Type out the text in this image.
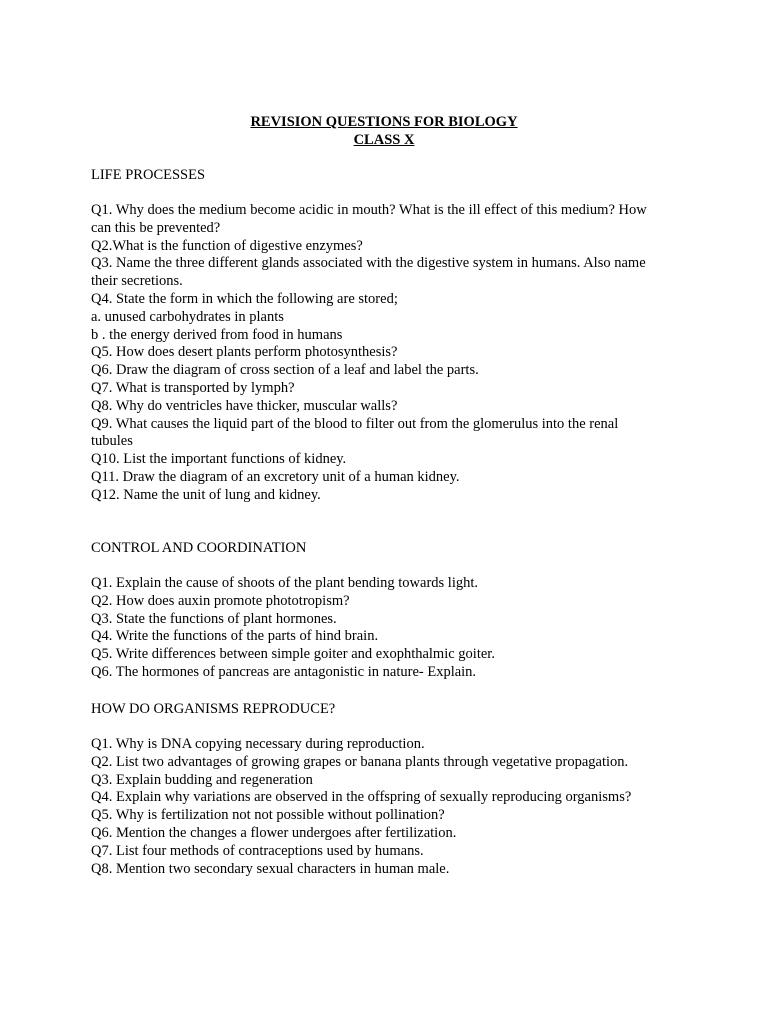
REVISION QUESTIONS FOR BIOLOGY
CLASS X
LIFE PROCESSES
Q1. Why does the medium become acidic in mouth? What is the ill effect of this medium? How
can this be prevented?
Q2.What is the function of digestive enzymes?
Q3. Name the three different glands associated with the digestive system in humans. Also name
their secretions.
Q4. State the form in which the following are stored;
a. unused carbohydrates in plants
b . the energy derived from food in humans
Q5. How does desert plants perform photosynthesis?
Q6. Draw the diagram of cross section of a leaf and label the parts.
Q7. What is transported by lymph?
Q8. Why do ventricles have thicker, muscular walls?
Q9. What causes the liquid part of the blood to filter out from the glomerulus into the renal
tubules
Q10. List the important functions of kidney.
Q11. Draw the diagram of an excretory unit of a human kidney.
Q12. Name the unit of lung and kidney.
CONTROL AND COORDINATION
Q1. Explain the cause of shoots of the plant bending towards light.
Q2. How does auxin promote phototropism?
Q3. State the functions of plant hormones.
Q4. Write the functions of the parts of hind brain.
Q5. Write differences between simple goiter and exophthalmic goiter.
Q6. The hormones of pancreas are antagonistic in nature- Explain.
HOW DO ORGANISMS REPRODUCE?
Q1. Why is DNA copying necessary during reproduction.
Q2. List two advantages of growing grapes or banana plants through vegetative propagation.
Q3. Explain budding and regeneration
Q4. Explain why variations are observed in the offspring of sexually reproducing organisms?
Q5. Why is fertilization not not possible without pollination?
Q6. Mention the changes a flower undergoes after fertilization.
Q7. List four methods of contraceptions used by humans.
Q8. Mention two secondary sexual characters in human male.
